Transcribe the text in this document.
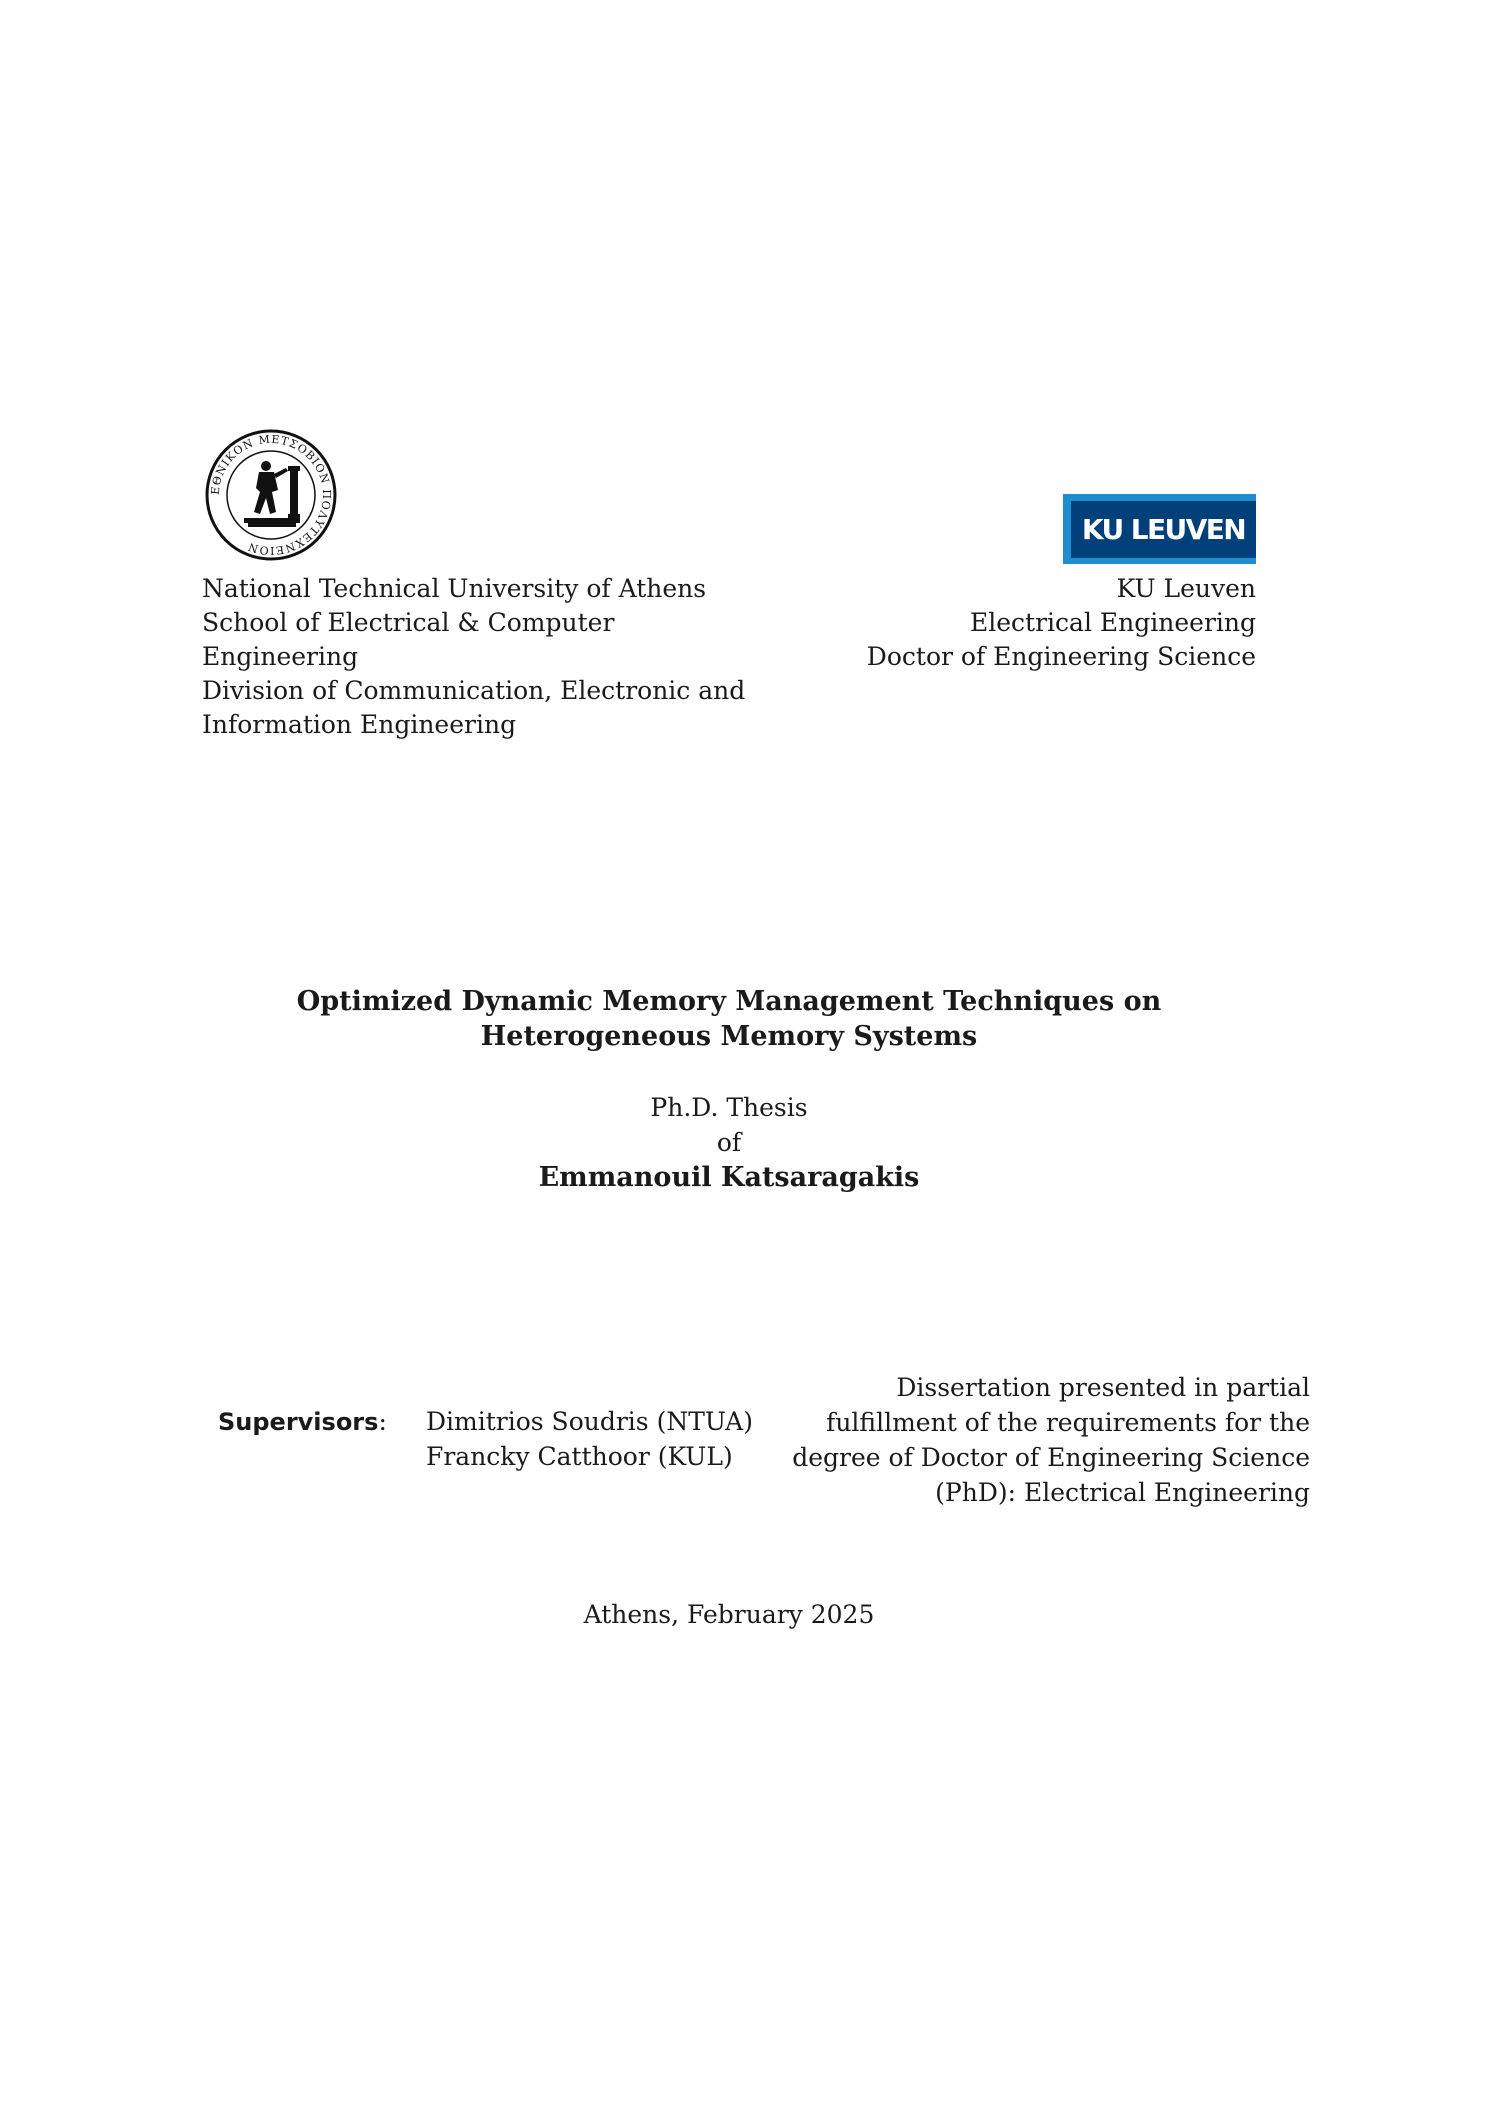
ΕΘΝΙΚΟΝ ΜΕΤΣΟΒΙΟΝ ΠΟΛΥΤΕΧΝΕΙΟΝ
KU LEUVEN
National Technical University of Athens
School of Electrical & Computer
Engineering
Division of Communication, Electronic and
Information Engineering
KU Leuven
Electrical Engineering
Doctor of Engineering Science
Optimized Dynamic Memory Management Techniques on
Heterogeneous Memory Systems
Ph.D. Thesis
of
Emmanouil Katsaragakis
Supervisors: Dimitrios Soudris (NTUA)
Francky Catthoor (KUL)
Dissertation presented in partial
fulfillment of the requirements for the
degree of Doctor of Engineering Science
(PhD): Electrical Engineering
Athens, February 2025
